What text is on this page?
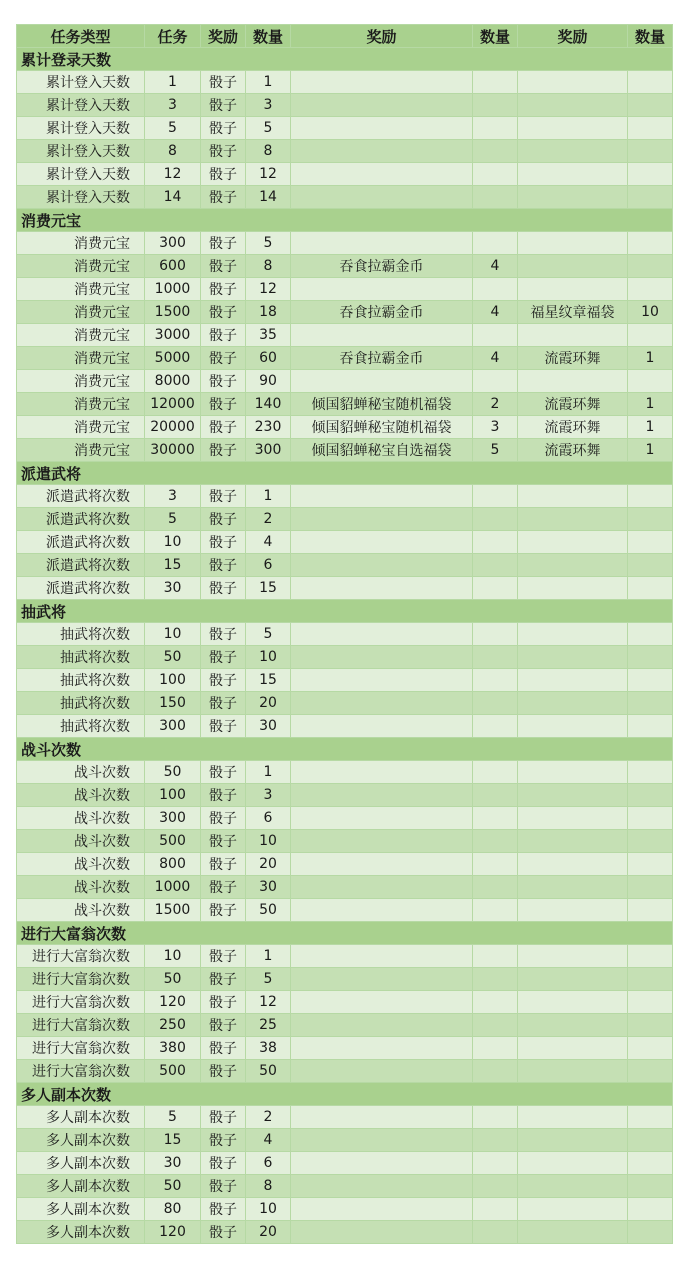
任务类型	任务	奖励	数量	奖励	数量	奖励	数量
累计登录天数							
累计登入天数	1	骰子	1				
累计登入天数	3	骰子	3				
累计登入天数	5	骰子	5				
累计登入天数	8	骰子	8				
累计登入天数	12	骰子	12				
累计登入天数	14	骰子	14				
消费元宝							
消费元宝	300	骰子	5				
消费元宝	600	骰子	8	吞食拉霸金币	4		
消费元宝	1000	骰子	12				
消费元宝	1500	骰子	18	吞食拉霸金币	4	福星纹章福袋	10
消费元宝	3000	骰子	35				
消费元宝	5000	骰子	60	吞食拉霸金币	4	流霞环舞	1
消费元宝	8000	骰子	90				
消费元宝	12000	骰子	140	倾国貂蝉秘宝随机福袋	2	流霞环舞	1
消费元宝	20000	骰子	230	倾国貂蝉秘宝随机福袋	3	流霞环舞	1
消费元宝	30000	骰子	300	倾国貂蝉秘宝自选福袋	5	流霞环舞	1
派遣武将							
派遣武将次数	3	骰子	1				
派遣武将次数	5	骰子	2				
派遣武将次数	10	骰子	4				
派遣武将次数	15	骰子	6				
派遣武将次数	30	骰子	15				
抽武将							
抽武将次数	10	骰子	5				
抽武将次数	50	骰子	10				
抽武将次数	100	骰子	15				
抽武将次数	150	骰子	20				
抽武将次数	300	骰子	30				
战斗次数							
战斗次数	50	骰子	1				
战斗次数	100	骰子	3				
战斗次数	300	骰子	6				
战斗次数	500	骰子	10				
战斗次数	800	骰子	20				
战斗次数	1000	骰子	30				
战斗次数	1500	骰子	50				
进行大富翁次数							
进行大富翁次数	10	骰子	1				
进行大富翁次数	50	骰子	5				
进行大富翁次数	120	骰子	12				
进行大富翁次数	250	骰子	25				
进行大富翁次数	380	骰子	38				
进行大富翁次数	500	骰子	50				
多人副本次数							
多人副本次数	5	骰子	2				
多人副本次数	15	骰子	4				
多人副本次数	30	骰子	6				
多人副本次数	50	骰子	8				
多人副本次数	80	骰子	10				
多人副本次数	120	骰子	20				
